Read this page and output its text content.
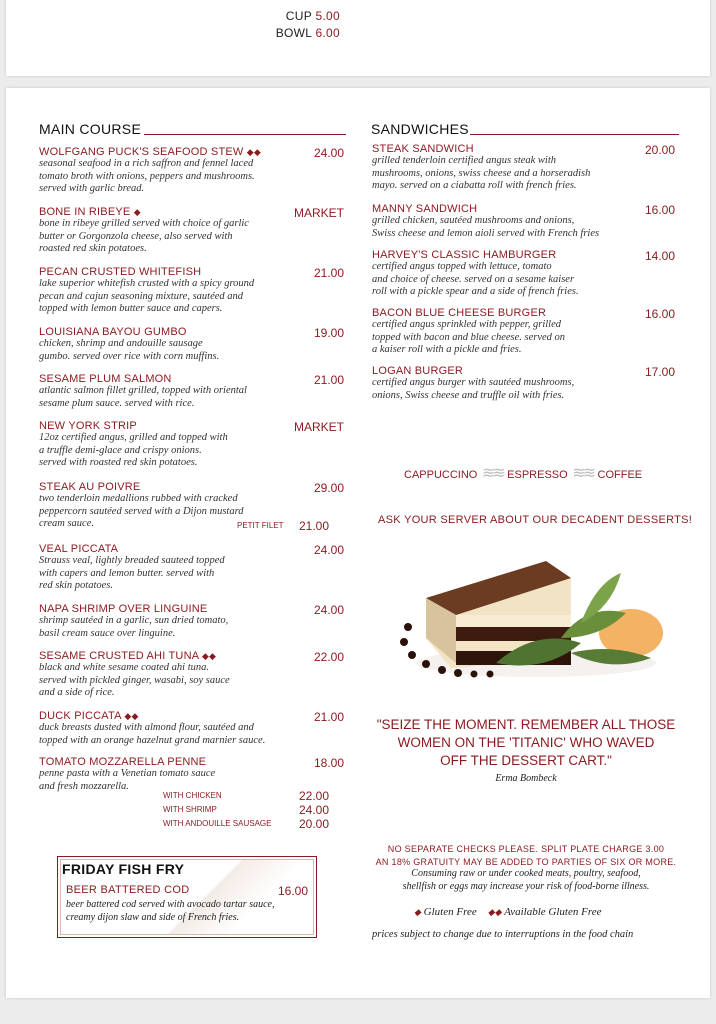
CUP 5.00
BOWL 6.00
MAIN COURSE
WOLFGANG PUCK'S SEAFOOD STEW ◆◆	24.00
seasonal seafood in a rich saffron and fennel laced
tomato broth with onions, peppers and mushrooms.
served with garlic bread.
BONE IN RIBEYE ◆	MARKET
bone in ribeye grilled served with choice of garlic
butter or Gorgonzola cheese, also served with
roasted red skin potatoes.
PECAN CRUSTED WHITEFISH	21.00
lake superior whitefish crusted with a spicy ground
pecan and cajun seasoning mixture, sautéed and
topped with lemon butter sauce and capers.
LOUISIANA BAYOU GUMBO	19.00
chicken, shrimp and andouille sausage
gumbo. served over rice with corn muffins.
SESAME PLUM SALMON	21.00
atlantic salmon fillet grilled, topped with oriental
sesame plum sauce. served with rice.
NEW YORK STRIP	MARKET
12oz certified angus, grilled and topped with
a truffle demi-glace and crispy onions.
served with roasted red skin potatoes.
STEAK AU POIVRE	29.00
two tenderloin medallions rubbed with cracked
peppercorn sautéed served with a Dijon mustard
cream sauce.	PETIT FILET 21.00
VEAL PICCATA	24.00
Strauss veal, lightly breaded sauteed topped
with capers and lemon butter. served with
red skin potatoes.
NAPA SHRIMP OVER LINGUINE	24.00
shrimp sautéed in a garlic, sun dried tomato,
basil cream sauce over linguine.
SESAME CRUSTED AHI TUNA ◆◆	22.00
black and white sesame coated ahi tuna.
served with pickled ginger, wasabi, soy sauce
and a side of rice.
DUCK PICCATA ◆◆	21.00
duck breasts dusted with almond flour, sautéed and
topped with an orange hazelnut grand marnier sauce.
TOMATO MOZZARELLA PENNE	18.00
penne pasta with a Venetian tomato sauce
and fresh mozzarella.
WITH CHICKEN	22.00
WITH SHRIMP	24.00
WITH ANDOUILLE SAUSAGE 20.00
FRIDAY FISH FRY
BEER BATTERED COD	16.00
beer battered cod served with avocado tartar sauce,
creamy dijon slaw and side of French fries.
SANDWICHES
STEAK SANDWICH	20.00
grilled tenderloin certified angus steak with
mushrooms, onions, swiss cheese and a horseradish
mayo. served on a ciabatta roll with french fries.
MANNY SANDWICH	16.00
grilled chicken, sautéed mushrooms and onions,
Swiss cheese and lemon aioli served with French fries
HARVEY'S CLASSIC HAMBURGER	14.00
certified angus topped with lettuce, tomato
and choice of cheese. served on a sesame kaiser
roll with a pickle spear and a side of french fries.
BACON BLUE CHEESE BURGER	16.00
certified angus sprinkled with pepper, grilled
topped with bacon and blue cheese. served on
a kaiser roll with a pickle and fries.
LOGAN BURGER	17.00
certified angus burger with sautéed mushrooms,
onions, Swiss cheese and truffle oil with fries.
CAPPUCCINO  ≋≋  ESPRESSO  ≋≋  COFFEE
ASK YOUR SERVER ABOUT OUR DECADENT DESSERTS!
"SEIZE THE MOMENT. REMEMBER ALL THOSE
WOMEN ON THE 'TITANIC' WHO WAVED
OFF THE DESSERT CART."
Erma Bombeck
NO SEPARATE CHECKS PLEASE. SPLIT PLATE CHARGE 3.00
AN 18% GRATUITY MAY BE ADDED TO PARTIES OF SIX OR MORE.
Consuming raw or under cooked meats, poultry, seafood,
shellfish or eggs may increase your risk of food-borne illness.
◆ Gluten Free ◆◆ Available Gluten Free
prices subject to change due to interruptions in the food chain
